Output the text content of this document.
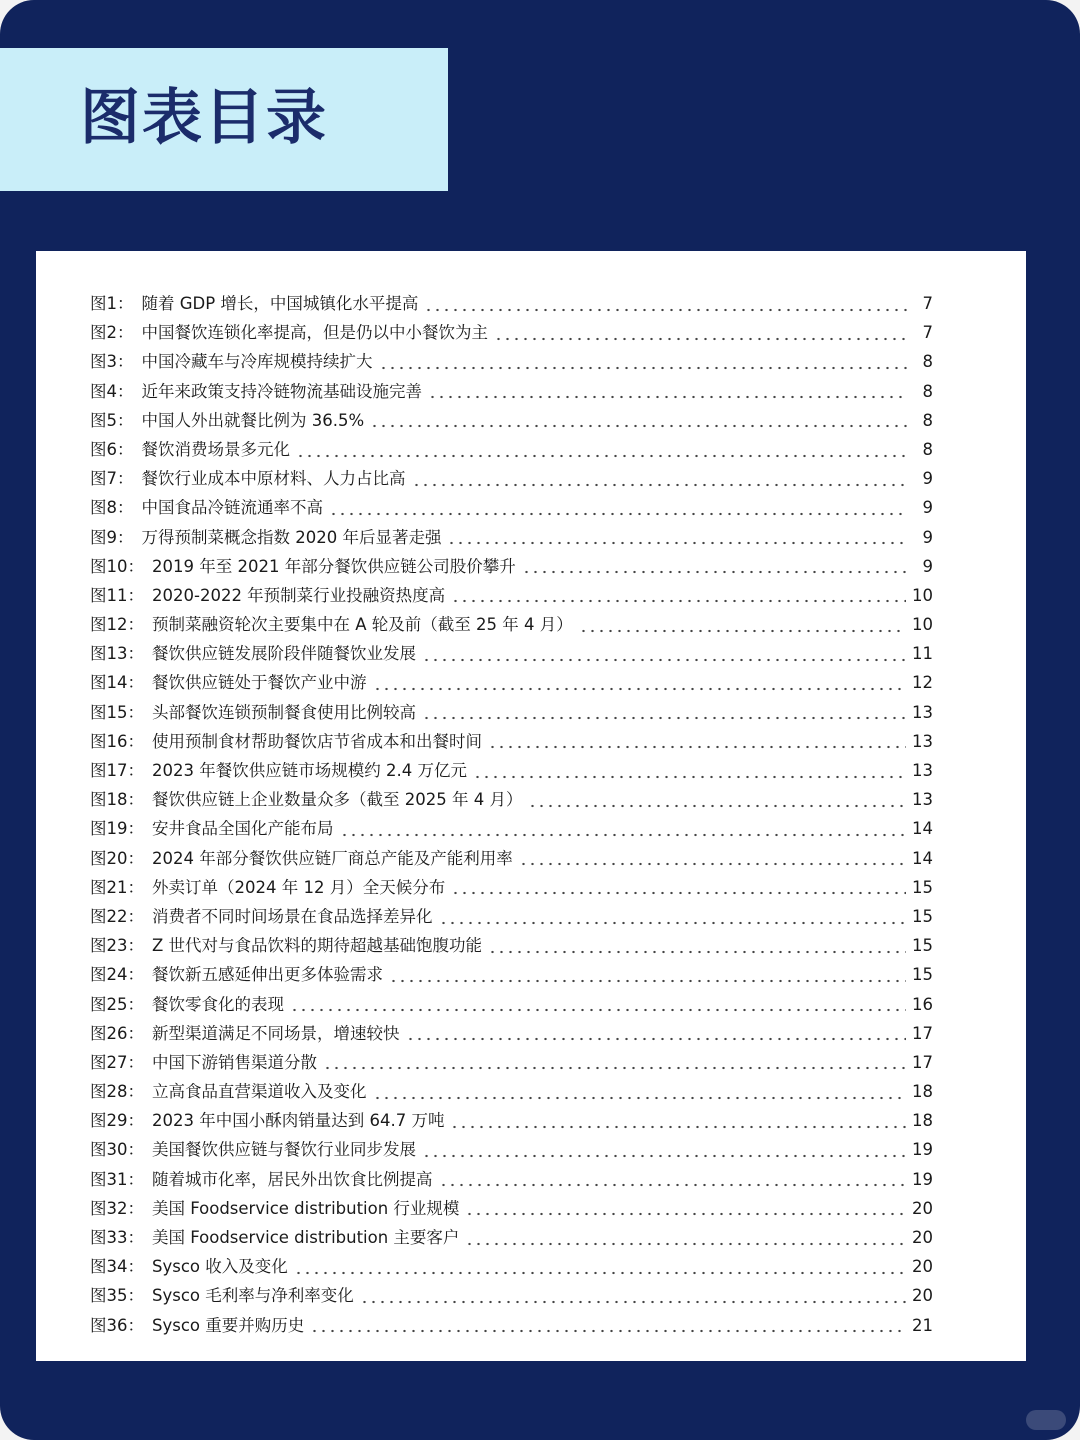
图表目录
图1： 随着 GDP 增长，中国城镇化水平提高	7
图2： 中国餐饮连锁化率提高，但是仍以中小餐饮为主	7
图3： 中国冷藏车与冷库规模持续扩大	8
图4： 近年来政策支持冷链物流基础设施完善	8
图5： 中国人外出就餐比例为 36.5%	8
图6： 餐饮消费场景多元化	8
图7： 餐饮行业成本中原材料、人力占比高	9
图8： 中国食品冷链流通率不高	9
图9： 万得预制菜概念指数 2020 年后显著走强	9
图10： 2019 年至 2021 年部分餐饮供应链公司股价攀升	9
图11： 2020-2022 年预制菜行业投融资热度高	10
图12： 预制菜融资轮次主要集中在 A 轮及前（截至 25 年 4 月）	10
图13： 餐饮供应链发展阶段伴随餐饮业发展	11
图14： 餐饮供应链处于餐饮产业中游	12
图15： 头部餐饮连锁预制餐食使用比例较高	13
图16： 使用预制食材帮助餐饮店节省成本和出餐时间	13
图17： 2023 年餐饮供应链市场规模约 2.4 万亿元	13
图18： 餐饮供应链上企业数量众多（截至 2025 年 4 月）	13
图19： 安井食品全国化产能布局	14
图20： 2024 年部分餐饮供应链厂商总产能及产能利用率	14
图21： 外卖订单（2024 年 12 月）全天候分布	15
图22： 消费者不同时间场景在食品选择差异化	15
图23： Z 世代对与食品饮料的期待超越基础饱腹功能	15
图24： 餐饮新五感延伸出更多体验需求	15
图25： 餐饮零食化的表现	16
图26： 新型渠道满足不同场景，增速较快	17
图27： 中国下游销售渠道分散	17
图28： 立高食品直营渠道收入及变化	18
图29： 2023 年中国小酥肉销量达到 64.7 万吨	18
图30： 美国餐饮供应链与餐饮行业同步发展	19
图31： 随着城市化率，居民外出饮食比例提高	19
图32： 美国 Foodservice distribution 行业规模	20
图33： 美国 Foodservice distribution 主要客户	20
图34： Sysco 收入及变化	20
图35： Sysco 毛利率与净利率变化	20
图36： Sysco 重要并购历史	21
